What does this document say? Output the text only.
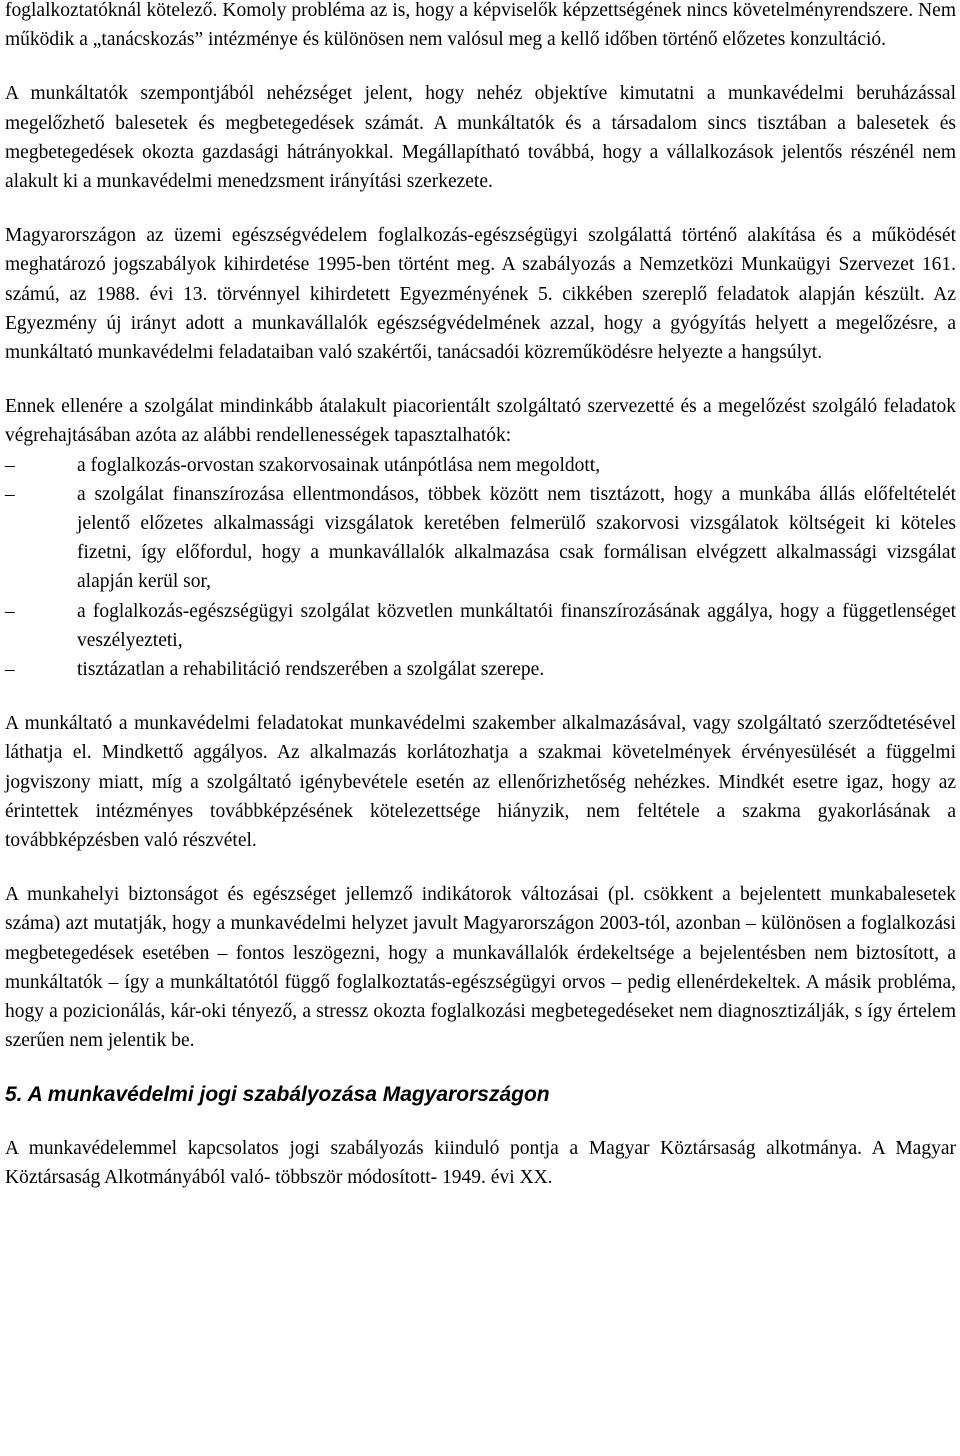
foglalkoztatóknál kötelező. Komoly probléma az is, hogy a képviselők képzettségének nincs követelményrendszere. Nem működik a „tanácskozás” intézménye és különösen nem valósul meg a kellő időben történő előzetes konzultáció.

A munkáltatók szempontjából nehézséget jelent, hogy nehéz objektíve kimutatni a munkavédelmi beruházással megelőzhető balesetek és megbetegedések számát. A munkáltatók és a társadalom sincs tisztában a balesetek és megbetegedések okozta gazdasági hátrányokkal. Megállapítható továbbá, hogy a vállalkozások jelentős részénél nem alakult ki a munkavédelmi menedzsment irányítási szerkezete.

Magyarországon az üzemi egészségvédelem foglalkozás-egészségügyi szolgálattá történő alakítása és a működését meghatározó jogszabályok kihirdetése 1995-ben történt meg. A szabályozás a Nemzetközi Munkaügyi Szervezet 161. számú, az 1988. évi 13. törvénnyel kihirdetett Egyezményének 5. cikkében szereplő feladatok alapján készült. Az Egyezmény új irányt adott a munkavállalók egészségvédelmének azzal, hogy a gyógyítás helyett a megelőzésre, a munkáltató munkavédelmi feladataiban való szakértői, tanácsadói közreműködésre helyezte a hangsúlyt.

Ennek ellenére a szolgálat mindinkább átalakult piacorientált szolgáltató szervezetté és a megelőzést szolgáló feladatok végrehajtásában azóta az alábbi rendellenességek tapasztalhatók:

–	a foglalkozás-orvostan szakorvosainak utánpótlása nem megoldott,
–	a szolgálat finanszírozása ellentmondásos, többek között nem tisztázott, hogy a munkába állás előfeltételét jelentő előzetes alkalmassági vizsgálatok keretében felmerülő szakorvosi vizsgálatok költségeit ki köteles fizetni, így előfordul, hogy a munkavállalók alkalmazása csak formálisan elvégzett alkalmassági vizsgálat alapján kerül sor,
–	a foglalkozás-egészségügyi szolgálat közvetlen munkáltatói finanszírozásának aggálya, hogy a függetlenséget veszélyezteti,
–	tisztázatlan a rehabilitáció rendszerében a szolgálat szerepe.

A munkáltató a munkavédelmi feladatokat munkavédelmi szakember alkalmazásával, vagy szolgáltató szerződtetésével láthatja el. Mindkettő aggályos. Az alkalmazás korlátozhatja a szakmai követelmények érvényesülését a függelmi jogviszony miatt, míg a szolgáltató igénybevétele esetén az ellenőrizhetőség nehézkes. Mindkét esetre igaz, hogy az érintettek intézményes továbbképzésének kötelezettsége hiányzik, nem feltétele a szakma gyakorlásának a továbbképzésben való részvétel.

A munkahelyi biztonságot és egészséget jellemző indikátorok változásai (pl. csökkent a bejelentett munkabalesetek száma) azt mutatják, hogy a munkavédelmi helyzet javult Magyarországon 2003-tól, azonban – különösen a foglalkozási megbetegedések esetében – fontos leszögezni, hogy a munkavállalók érdekeltsége a bejelentésben nem biztosított, a munkáltatók – így a munkáltatótól függő foglalkoztatás-egészségügyi orvos – pedig ellenérdekeltek. A másik probléma, hogy a pozicionálás, kár-oki tényező, a stressz okozta foglalkozási megbetegedéseket nem diagnosztizálják, s így értelem szerűen nem jelentik be.

5. A munkavédelmi jogi szabályozása Magyarországon

A munkavédelemmel kapcsolatos jogi szabályozás kiinduló pontja a Magyar Köztársaság alkotmánya. A Magyar Köztársaság Alkotmányából való- többször módosított- 1949. évi XX.
